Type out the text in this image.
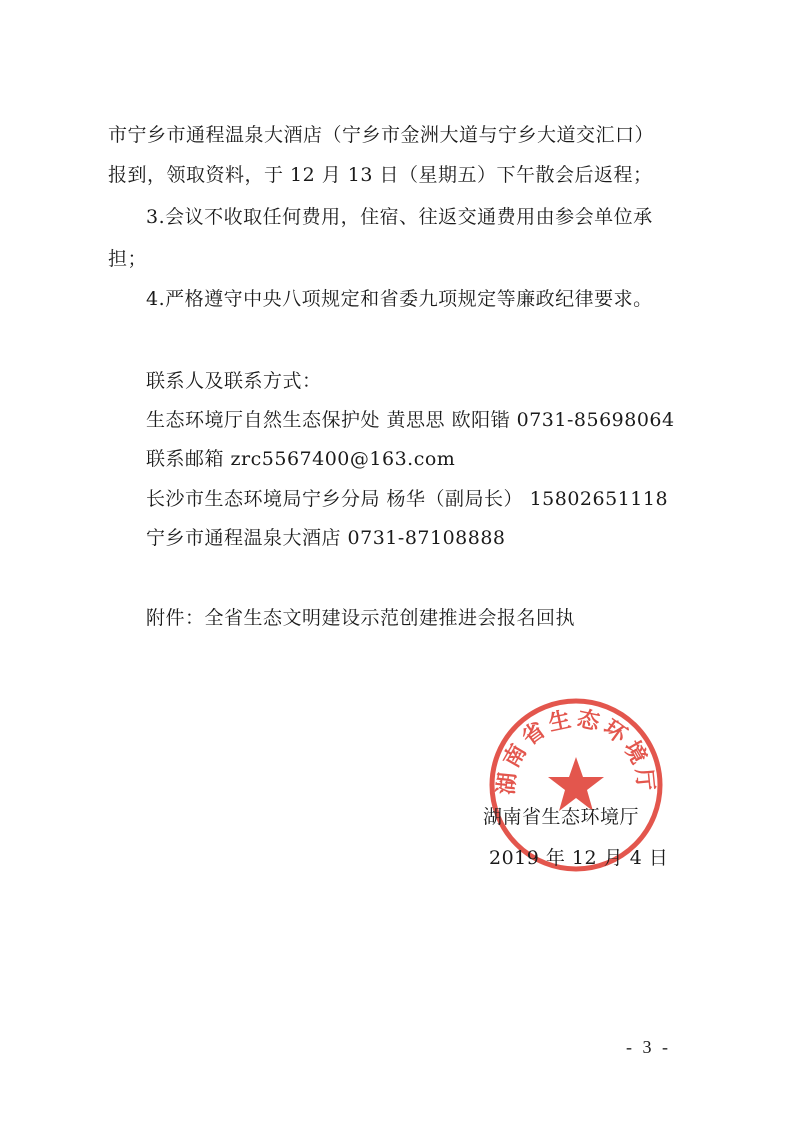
市宁乡市通程温泉大酒店（宁乡市金洲大道与宁乡大道交汇口）
报到，领取资料，于 12 月 13 日（星期五）下午散会后返程；
3.会议不收取任何费用，住宿、往返交通费用由参会单位承
担；
4.严格遵守中央八项规定和省委九项规定等廉政纪律要求。
联系人及联系方式：
生态环境厅自然生态保护处 黄思思 欧阳锴 0731-85698064
联系邮箱 zrc5567400@163.com
长沙市生态环境局宁乡分局 杨华（副局长） 15802651118
宁乡市通程温泉大酒店 0731-87108888
附件：全省生态文明建设示范创建推进会报名回执
湖南省生态环境厅
湖南省生态环境厅
2019 年 12 月 4 日
- 3 -
